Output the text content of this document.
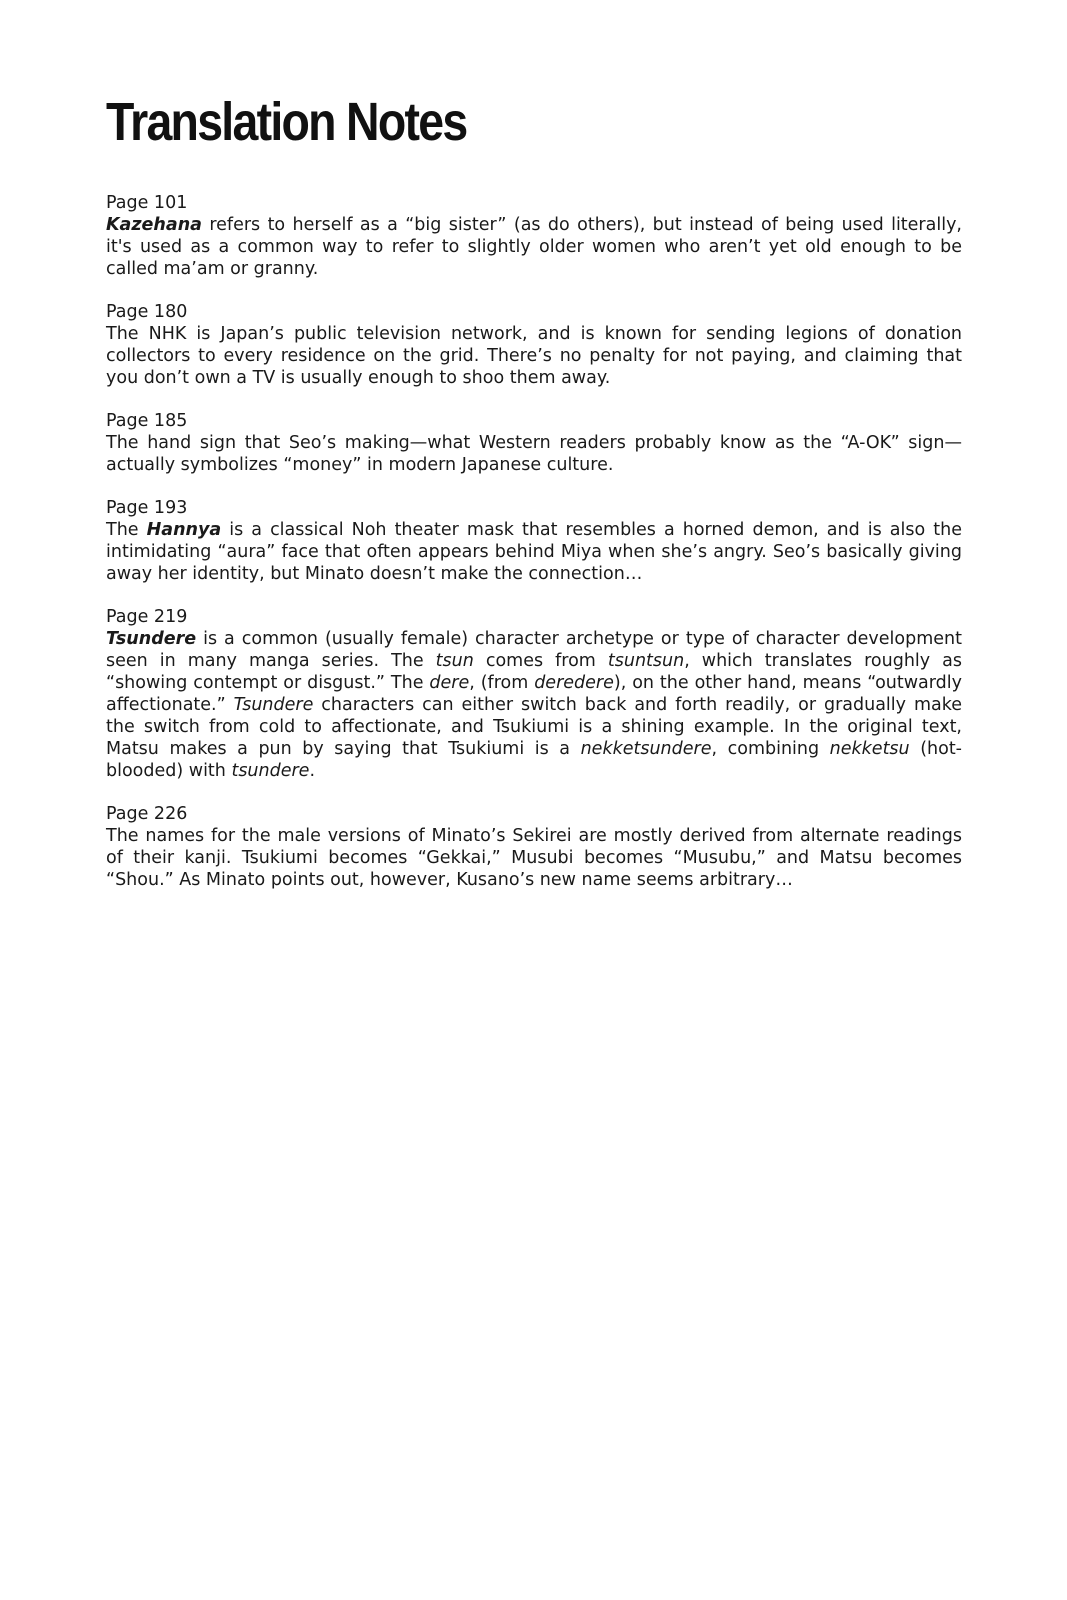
Translation Notes

Page 101

Kazehana refers to herself as a “big sister” (as do others), but instead of being used literally, it's used as a common way to refer to slightly older women who aren’t yet old enough to be called ma’am or granny.

Page 180

The NHK is Japan’s public television network, and is known for sending legions of donation collectors to every residence on the grid. There’s no penalty for not paying, and claiming that you don’t own a TV is usually enough to shoo them away.

Page 185

The hand sign that Seo’s making—what Western readers probably know as the “A-OK” sign—actually symbolizes “money” in modern Japanese culture.

Page 193

The Hannya is a classical Noh theater mask that resembles a horned demon, and is also the intimidating “aura” face that often appears behind Miya when she’s angry. Seo’s basically giving away her identity, but Minato doesn’t make the connection…

Page 219

Tsundere is a common (usually female) character archetype or type of character development seen in many manga series. The tsun comes from tsuntsun, which translates roughly as “showing contempt or disgust.” The dere, (from deredere), on the other hand, means “outwardly affectionate.” Tsundere characters can either switch back and forth readily, or gradually make the switch from cold to affectionate, and Tsukiumi is a shining example. In the original text, Matsu makes a pun by saying that Tsukiumi is a nekketsundere, combining nekketsu (hot-blooded) with tsundere.

Page 226

The names for the male versions of Minato’s Sekirei are mostly derived from alternate readings of their kanji. Tsukiumi becomes “Gekkai,” Musubi becomes “Musubu,” and Matsu becomes “Shou.” As Minato points out, however, Kusano’s new name seems arbitrary…
